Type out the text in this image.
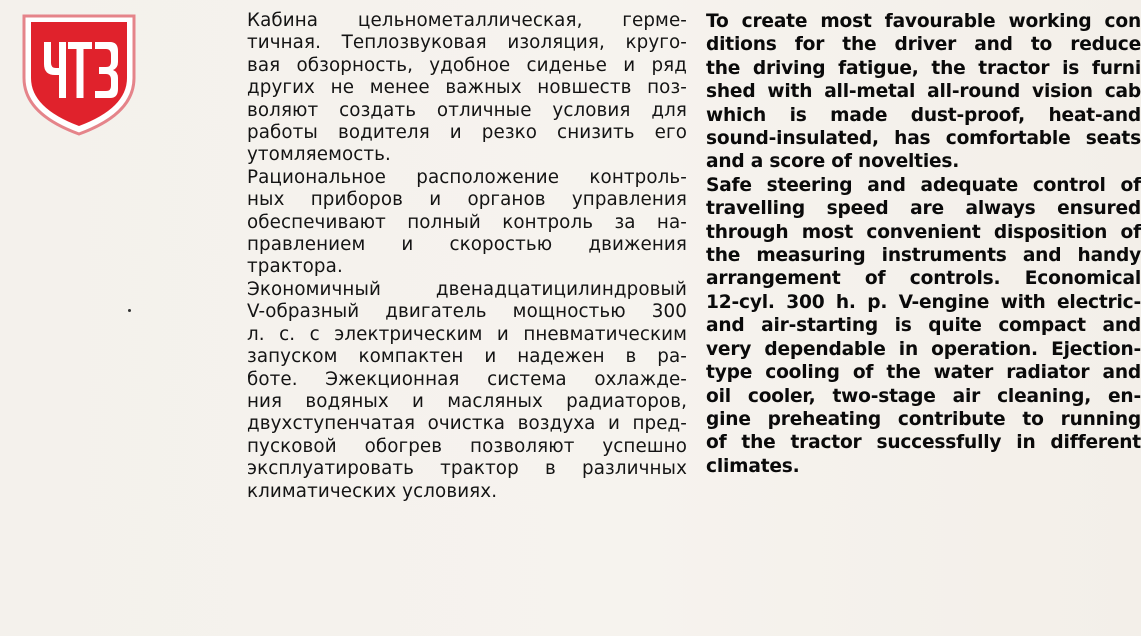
Кабина цельнометаллическая, герме-
тичная. Теплозвуковая изоляция, круго-
вая обзорность, удобное сиденье и ряд
других не менее важных новшеств поз-
воляют создать отличные условия для
работы водителя и резко снизить его
утомляемость.
Рациональное расположение контроль-
ных приборов и органов управления
обеспечивают полный контроль за на-
правлением и скоростью движения
трактора.
Экономичный двенадцатицилиндровый
V-образный двигатель мощностью 300
л. с. с электрическим и пневматическим
запуском компактен и надежен в ра-
боте. Эжекционная система охлажде-
ния водяных и масляных радиаторов,
двухступенчатая очистка воздуха и пред-
пусковой обогрев позволяют успешно
эксплуатировать трактор в различных
климатических условиях.
To create most favourable working con
ditions for the driver and to reduce
the driving fatigue, the tractor is furni
shed with all-metal all-round vision cab
which is made dust-proof, heat-and
sound-insulated, has comfortable seats
and a score of novelties.
Safe steering and adequate control of
travelling speed are always ensured
through most convenient disposition of
the measuring instruments and handy
arrangement of controls. Economical
12-cyl. 300 h. p. V-engine with electric-
and air-starting is quite compact and
very dependable in operation. Ejection-
type cooling of the water radiator and
oil cooler, two-stage air cleaning, en-
gine preheating contribute to running
of the tractor successfully in different
climates.
